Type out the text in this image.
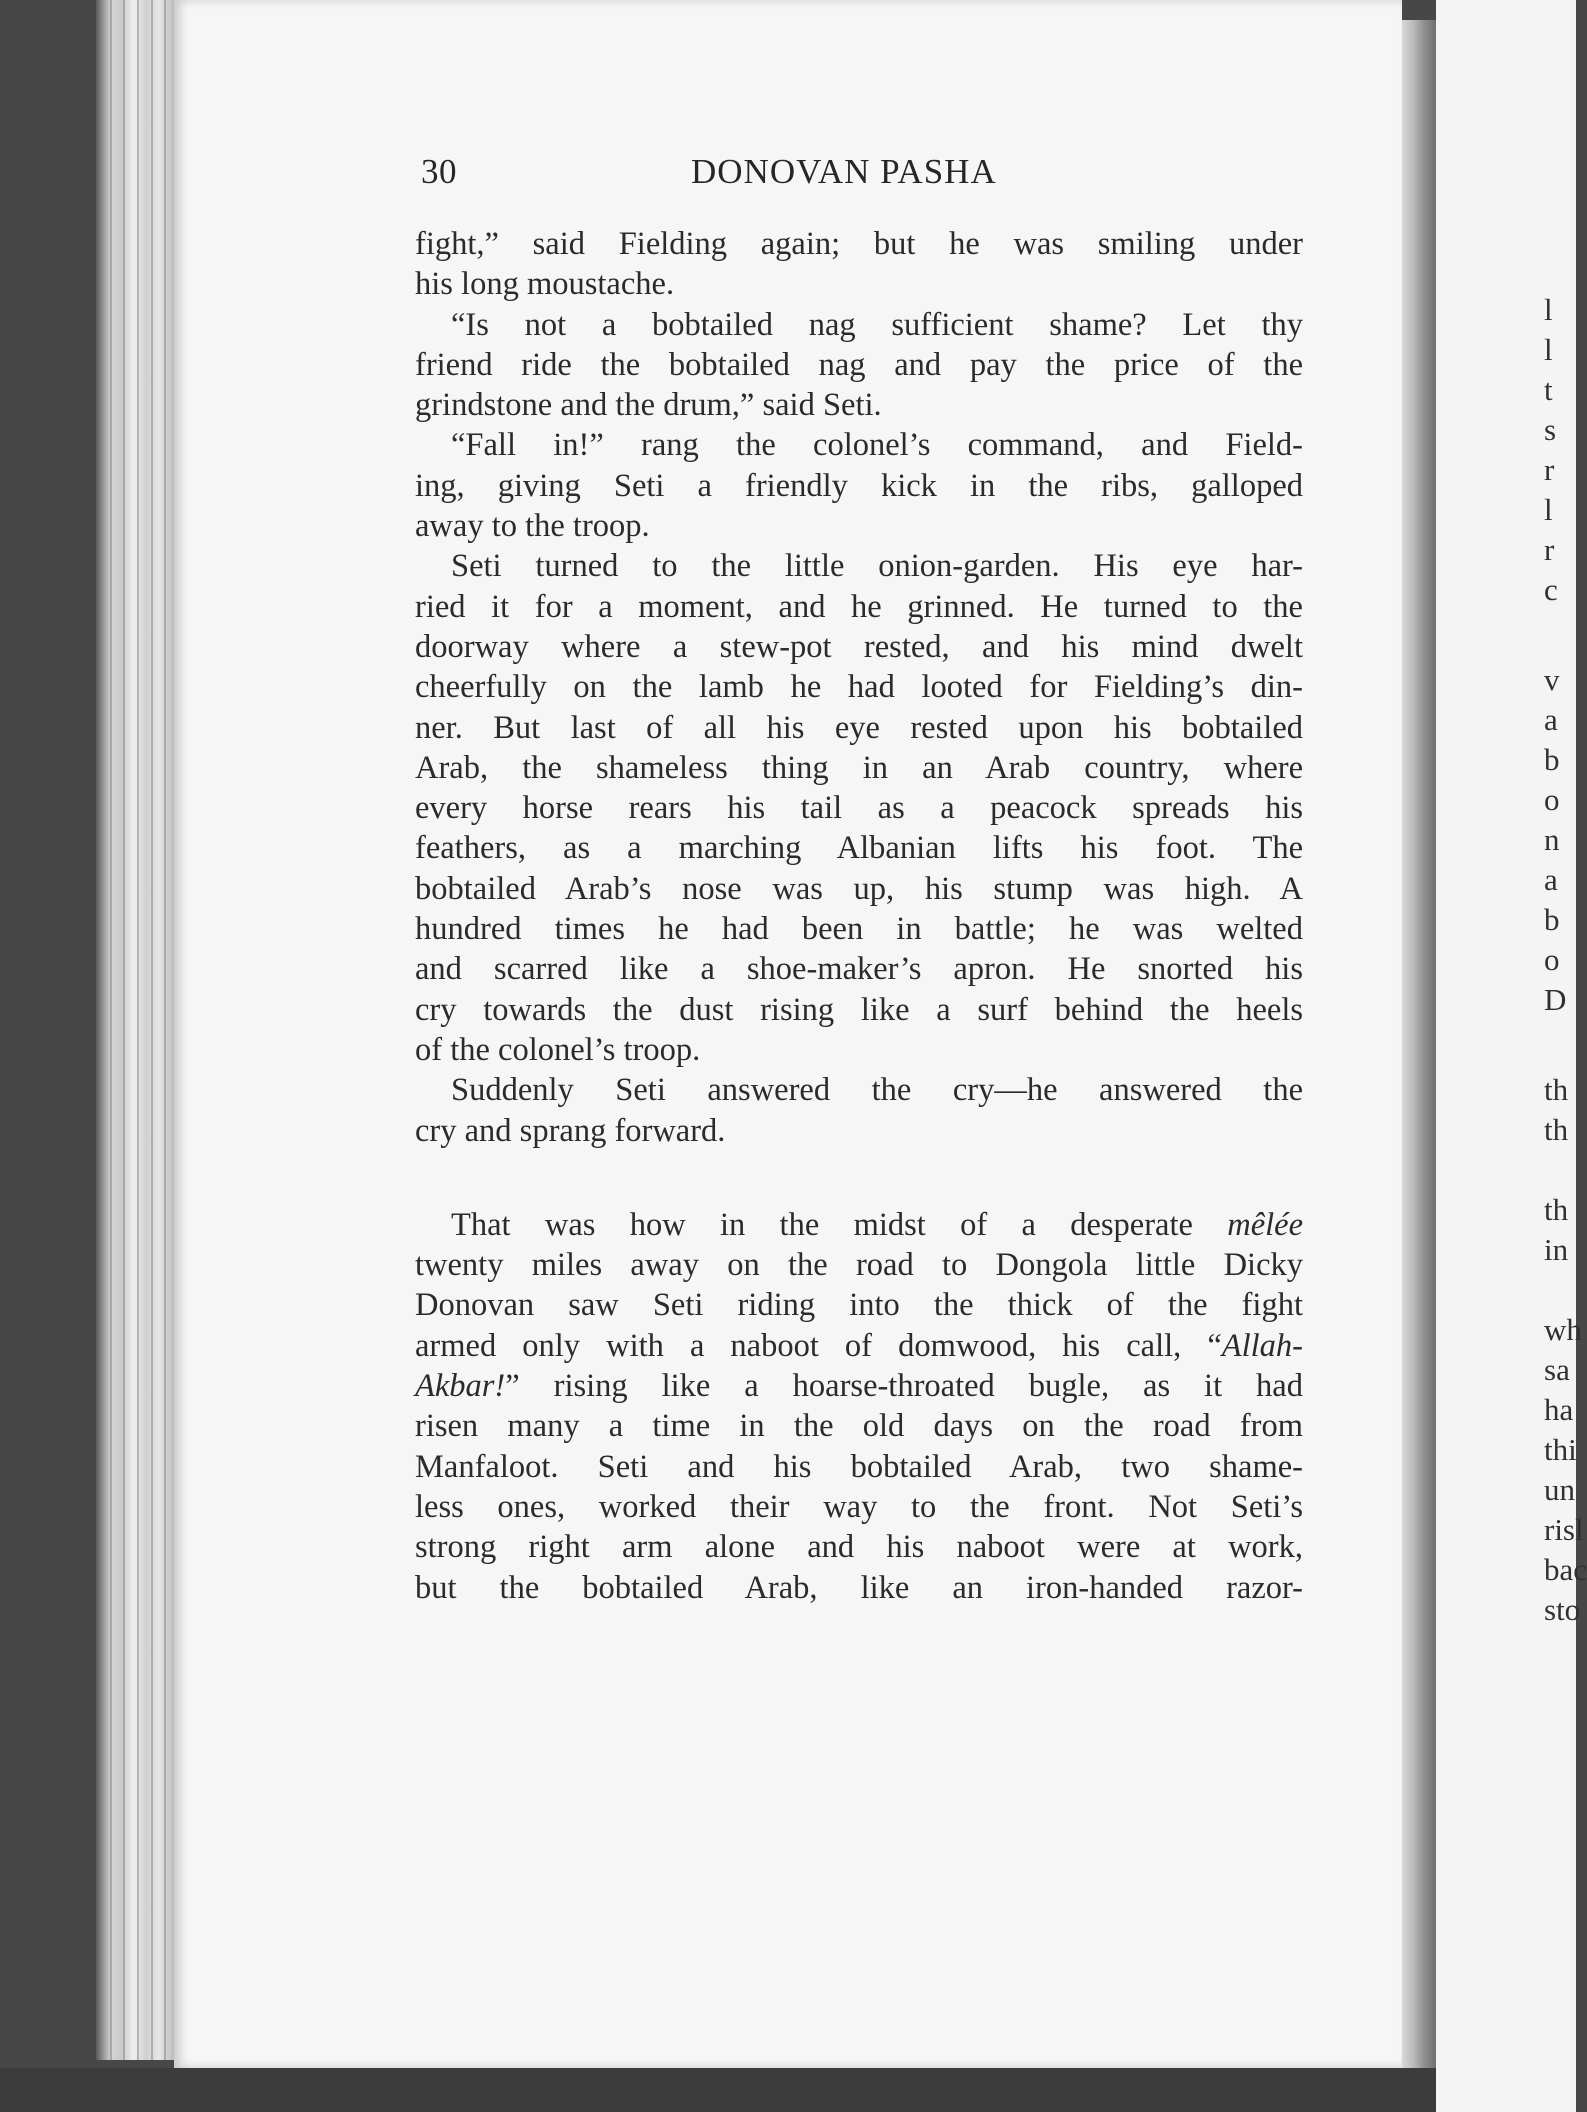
l
l
t
s
r
l
r
c
v
a
b
o
n
a
b
o
D
th
th
th
in
wh
sa
ha
thi
un
risl
bac
sto
30	DONOVAN PASHA
fight,” said Fielding again; but he was smiling under
his long moustache.
“Is not a bobtailed nag sufficient shame? Let thy
friend ride the bobtailed nag and pay the price of the
grindstone and the drum,” said Seti.
“Fall in!” rang the colonel’s command, and Field-
ing, giving Seti a friendly kick in the ribs, galloped
away to the troop.
Seti turned to the little onion-garden. His eye har-
ried it for a moment, and he grinned. He turned to the
doorway where a stew-pot rested, and his mind dwelt
cheerfully on the lamb he had looted for Fielding’s din-
ner. But last of all his eye rested upon his bobtailed
Arab, the shameless thing in an Arab country, where
every horse rears his tail as a peacock spreads his
feathers, as a marching Albanian lifts his foot. The
bobtailed Arab’s nose was up, his stump was high. A
hundred times he had been in battle; he was welted
and scarred like a shoe-maker’s apron. He snorted his
cry towards the dust rising like a surf behind the heels
of the colonel’s troop.
Suddenly Seti answered the cry—he answered the
cry and sprang forward.
That was how in the midst of a desperate mêlée
twenty miles away on the road to Dongola little Dicky
Donovan saw Seti riding into the thick of the fight
armed only with a naboot of domwood, his call, “Allah-
Akbar!” rising like a hoarse-throated bugle, as it had
risen many a time in the old days on the road from
Manfaloot. Seti and his bobtailed Arab, two shame-
less ones, worked their way to the front. Not Seti’s
strong right arm alone and his naboot were at work,
but the bobtailed Arab, like an iron-handed razor-
